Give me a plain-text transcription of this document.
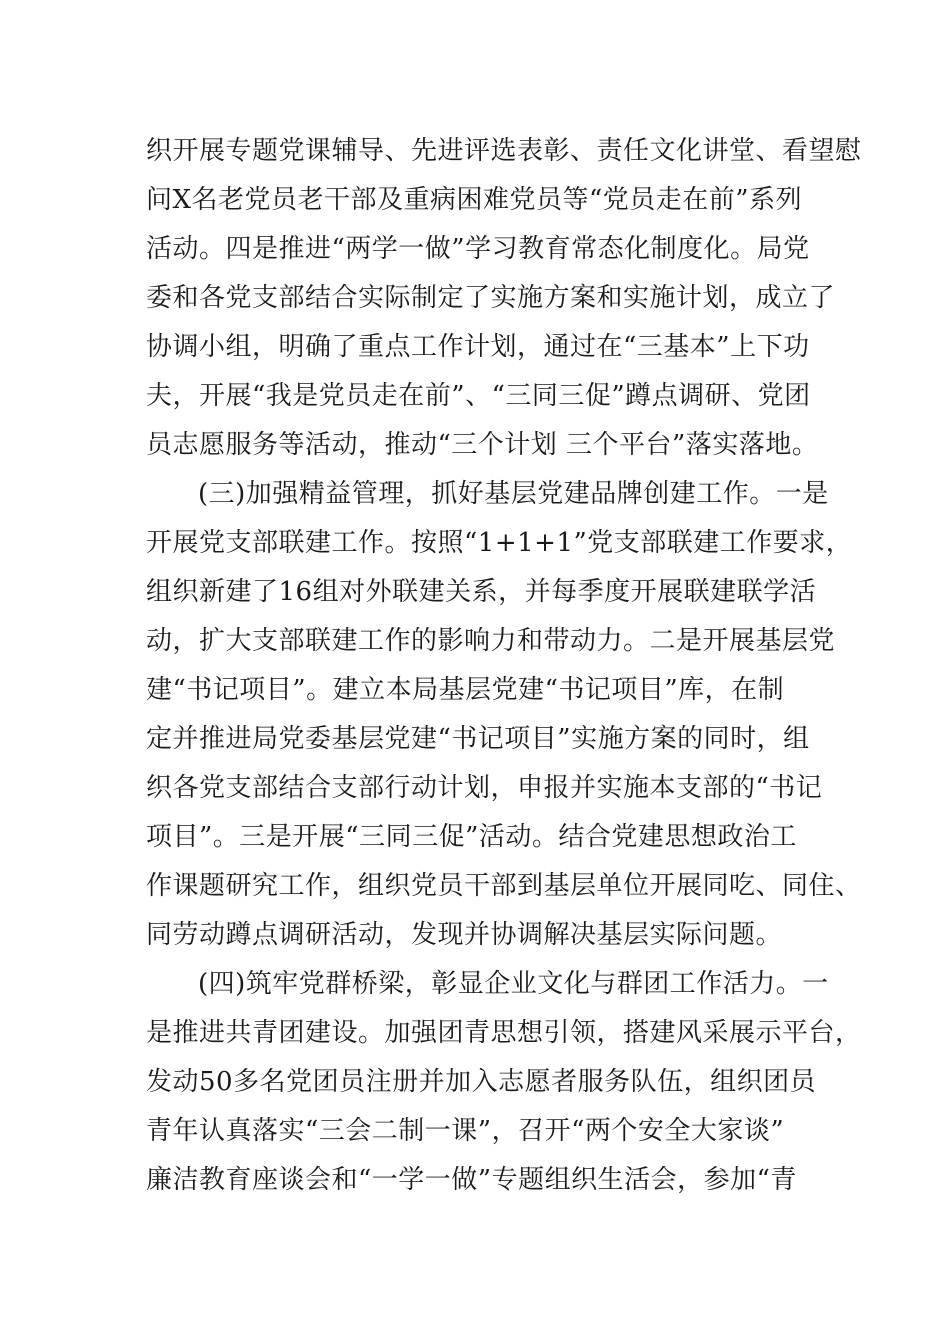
织开展专题党课辅导、先进评选表彰、责任文化讲堂、看望慰
问X名老党员老干部及重病困难党员等“党员走在前”系列
活动。四是推进“两学一做”学习教育常态化制度化。局党
委和各党支部结合实际制定了实施方案和实施计划，成立了
协调小组，明确了重点工作计划，通过在“三基本”上下功
夫，开展“我是党员走在前”、“三同三促”蹲点调研、党团
员志愿服务等活动，推动“三个计划 三个平台”落实落地。
(三)加强精益管理，抓好基层党建品牌创建工作。一是
开展党支部联建工作。按照“1+1+1”党支部联建工作要求，
组织新建了16组对外联建关系，并每季度开展联建联学活
动，扩大支部联建工作的影响力和带动力。二是开展基层党
建“书记项目”。建立本局基层党建“书记项目”库，在制
定并推进局党委基层党建“书记项目”实施方案的同时，组
织各党支部结合支部行动计划，申报并实施本支部的“书记
项目”。三是开展“三同三促”活动。结合党建思想政治工
作课题研究工作，组织党员干部到基层单位开展同吃、同住、
同劳动蹲点调研活动，发现并协调解决基层实际问题。
(四)筑牢党群桥梁，彰显企业文化与群团工作活力。一
是推进共青团建设。加强团青思想引领，搭建风采展示平台，
发动50多名党团员注册并加入志愿者服务队伍，组织团员
青年认真落实“三会二制一课”，召开“两个安全大家谈”
廉洁教育座谈会和“一学一做”专题组织生活会，参加“青
